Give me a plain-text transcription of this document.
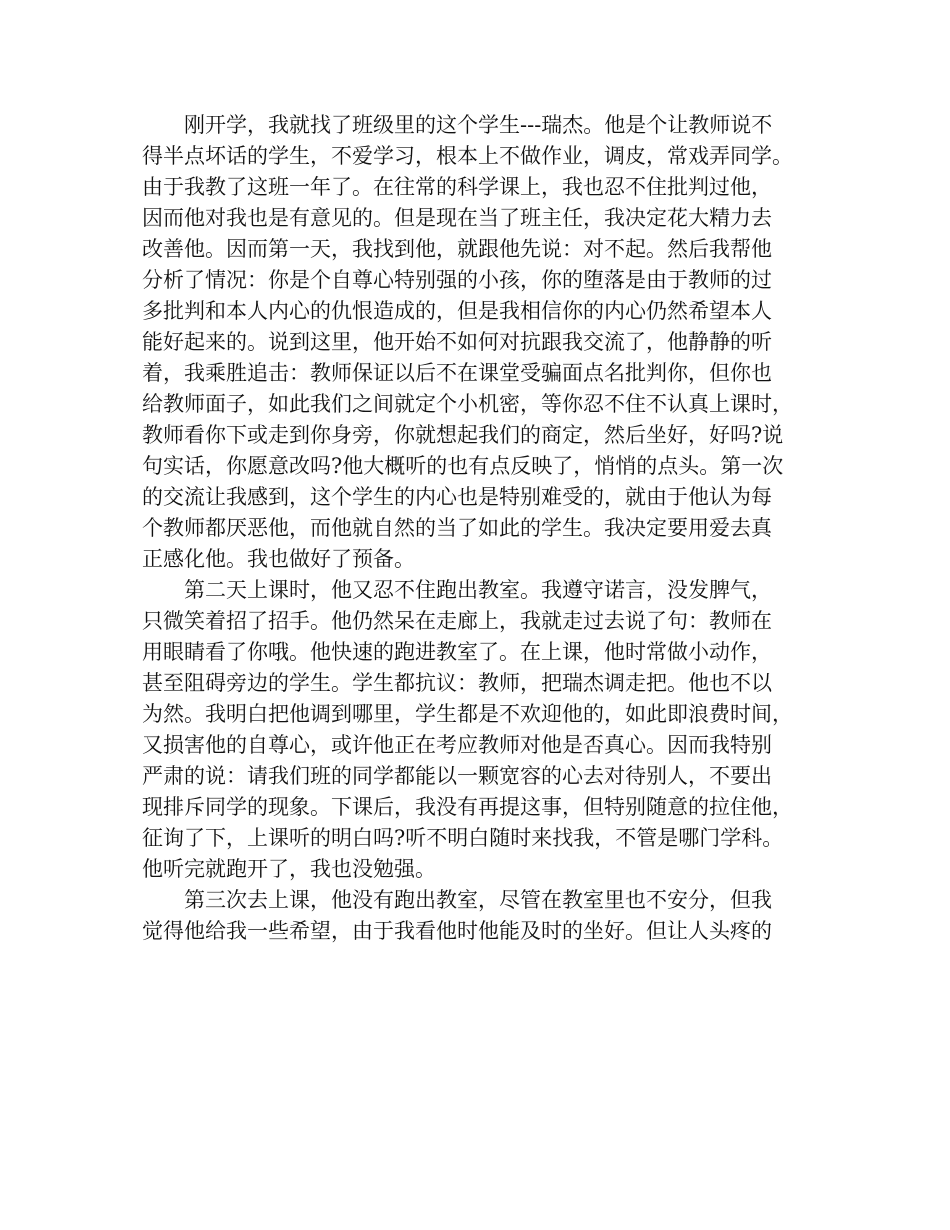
刚开学，我就找了班级里的这个学生---瑞杰。他是个让教师说不
得半点坏话的学生，不爱学习，根本上不做作业，调皮，常戏弄同学。
由于我教了这班一年了。在往常的科学课上，我也忍不住批判过他，
因而他对我也是有意见的。但是现在当了班主任，我决定花大精力去
改善他。因而第一天，我找到他，就跟他先说：对不起。然后我帮他
分析了情况：你是个自尊心特别强的小孩，你的堕落是由于教师的过
多批判和本人内心的仇恨造成的，但是我相信你的内心仍然希望本人
能好起来的。说到这里，他开始不如何对抗跟我交流了，他静静的听
着，我乘胜追击：教师保证以后不在课堂受骗面点名批判你，但你也
给教师面子，如此我们之间就定个小机密，等你忍不住不认真上课时，
教师看你下或走到你身旁，你就想起我们的商定，然后坐好，好吗?说
句实话，你愿意改吗?他大概听的也有点反映了，悄悄的点头。第一次
的交流让我感到，这个学生的内心也是特别难受的，就由于他认为每
个教师都厌恶他，而他就自然的当了如此的学生。我决定要用爱去真
正感化他。我也做好了预备。
第二天上课时，他又忍不住跑出教室。我遵守诺言，没发脾气，
只微笑着招了招手。他仍然呆在走廊上，我就走过去说了句：教师在
用眼睛看了你哦。他快速的跑进教室了。在上课，他时常做小动作，
甚至阻碍旁边的学生。学生都抗议：教师，把瑞杰调走把。他也不以
为然。我明白把他调到哪里，学生都是不欢迎他的，如此即浪费时间，
又损害他的自尊心，或许他正在考应教师对他是否真心。因而我特别
严肃的说：请我们班的同学都能以一颗宽容的心去对待别人，不要出
现排斥同学的现象。下课后，我没有再提这事，但特别随意的拉住他，
征询了下，上课听的明白吗?听不明白随时来找我，不管是哪门学科。
他听完就跑开了，我也没勉强。
第三次去上课，他没有跑出教室，尽管在教室里也不安分，但我
觉得他给我一些希望，由于我看他时他能及时的坐好。但让人头疼的
